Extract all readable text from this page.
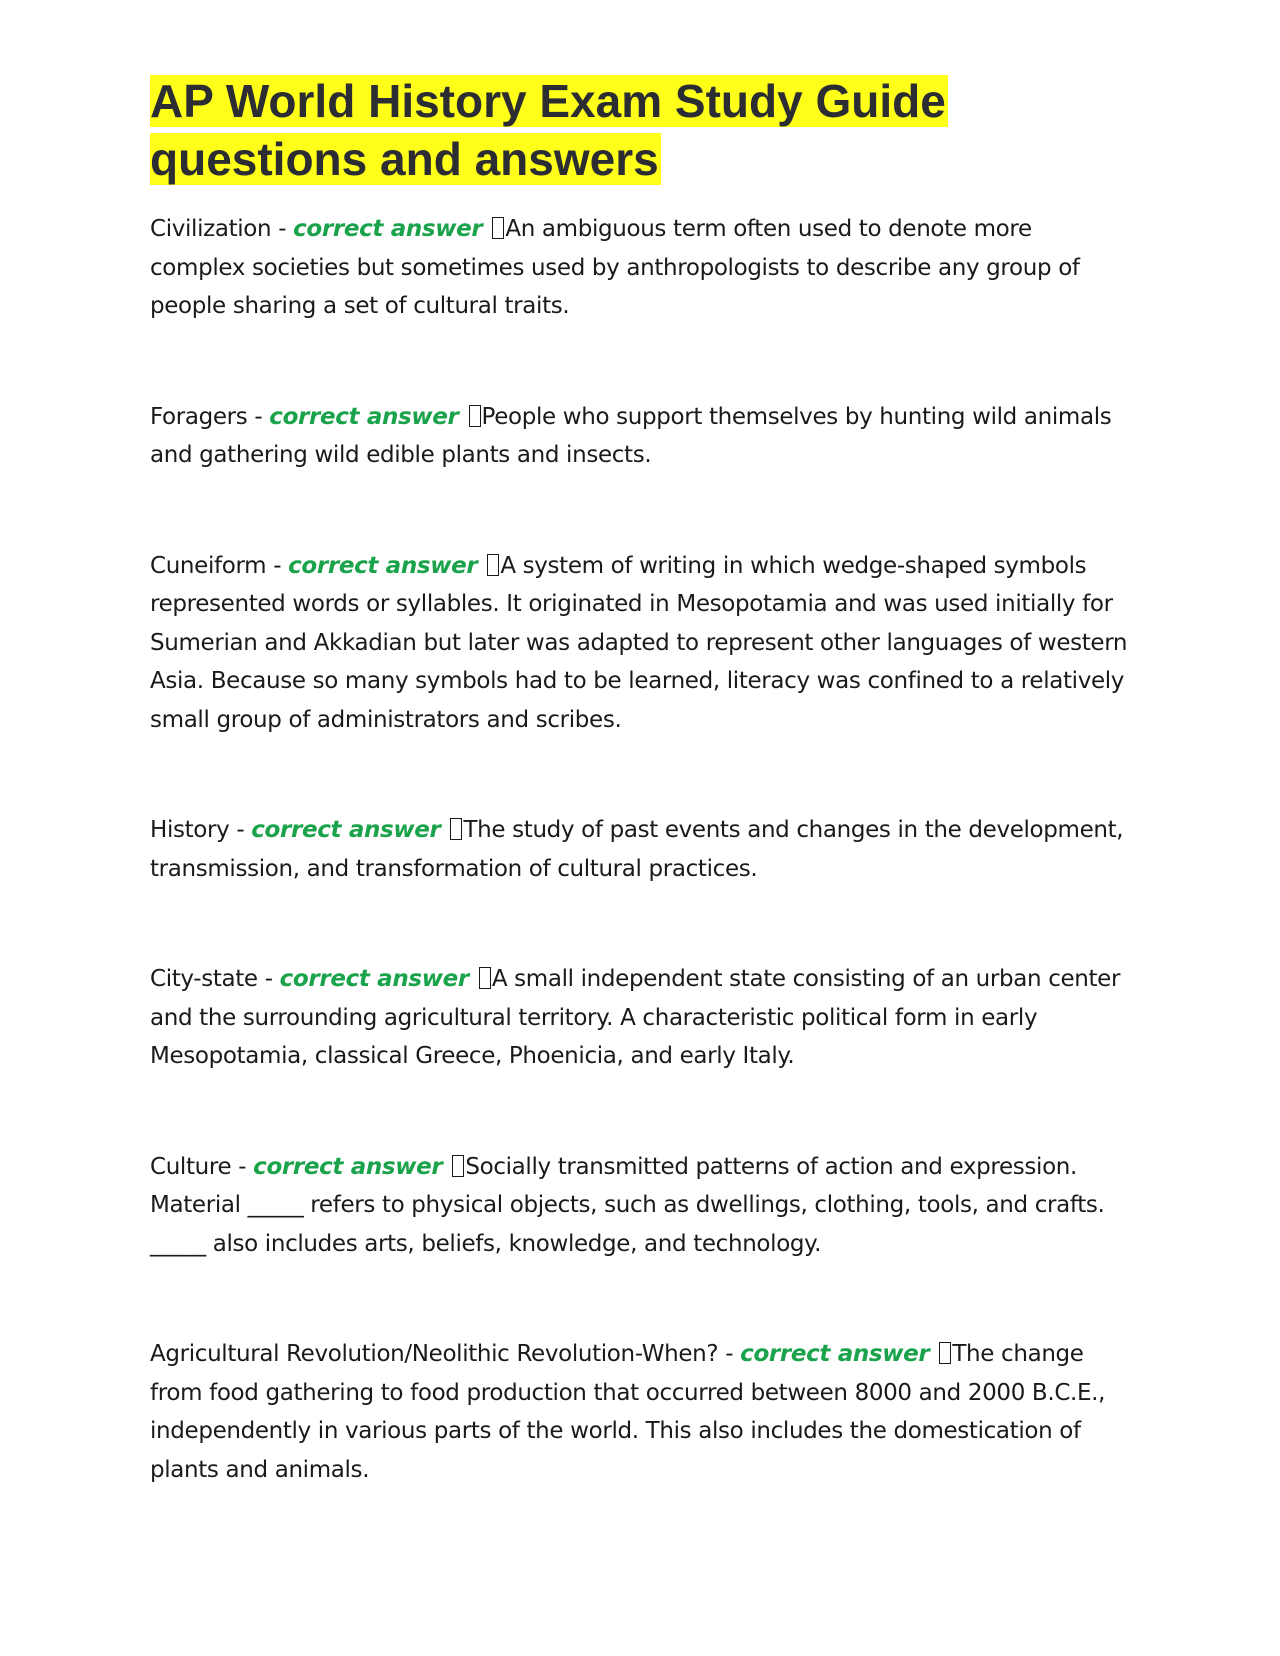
AP World History Exam Study Guide questions and answers

Civilization - correct answer An ambiguous term often used to denote more complex societies but sometimes used by anthropologists to describe any group of people sharing a set of cultural traits.

Foragers - correct answer People who support themselves by hunting wild animals and gathering wild edible plants and insects.

Cuneiform - correct answer A system of writing in which wedge-shaped symbols represented words or syllables. It originated in Mesopotamia and was used initially for Sumerian and Akkadian but later was adapted to represent other languages of western Asia. Because so many symbols had to be learned, literacy was confined to a relatively small group of administrators and scribes.

History - correct answer The study of past events and changes in the development, transmission, and transformation of cultural practices.

City-state - correct answer A small independent state consisting of an urban center and the surrounding agricultural territory. A characteristic political form in early Mesopotamia, classical Greece, Phoenicia, and early Italy.

Culture - correct answer Socially transmitted patterns of action and expression. Material _____ refers to physical objects, such as dwellings, clothing, tools, and crafts. _____ also includes arts, beliefs, knowledge, and technology.

Agricultural Revolution/Neolithic Revolution-When? - correct answer The change from food gathering to food production that occurred between 8000 and 2000 B.C.E., independently in various parts of the world. This also includes the domestication of plants and animals.
